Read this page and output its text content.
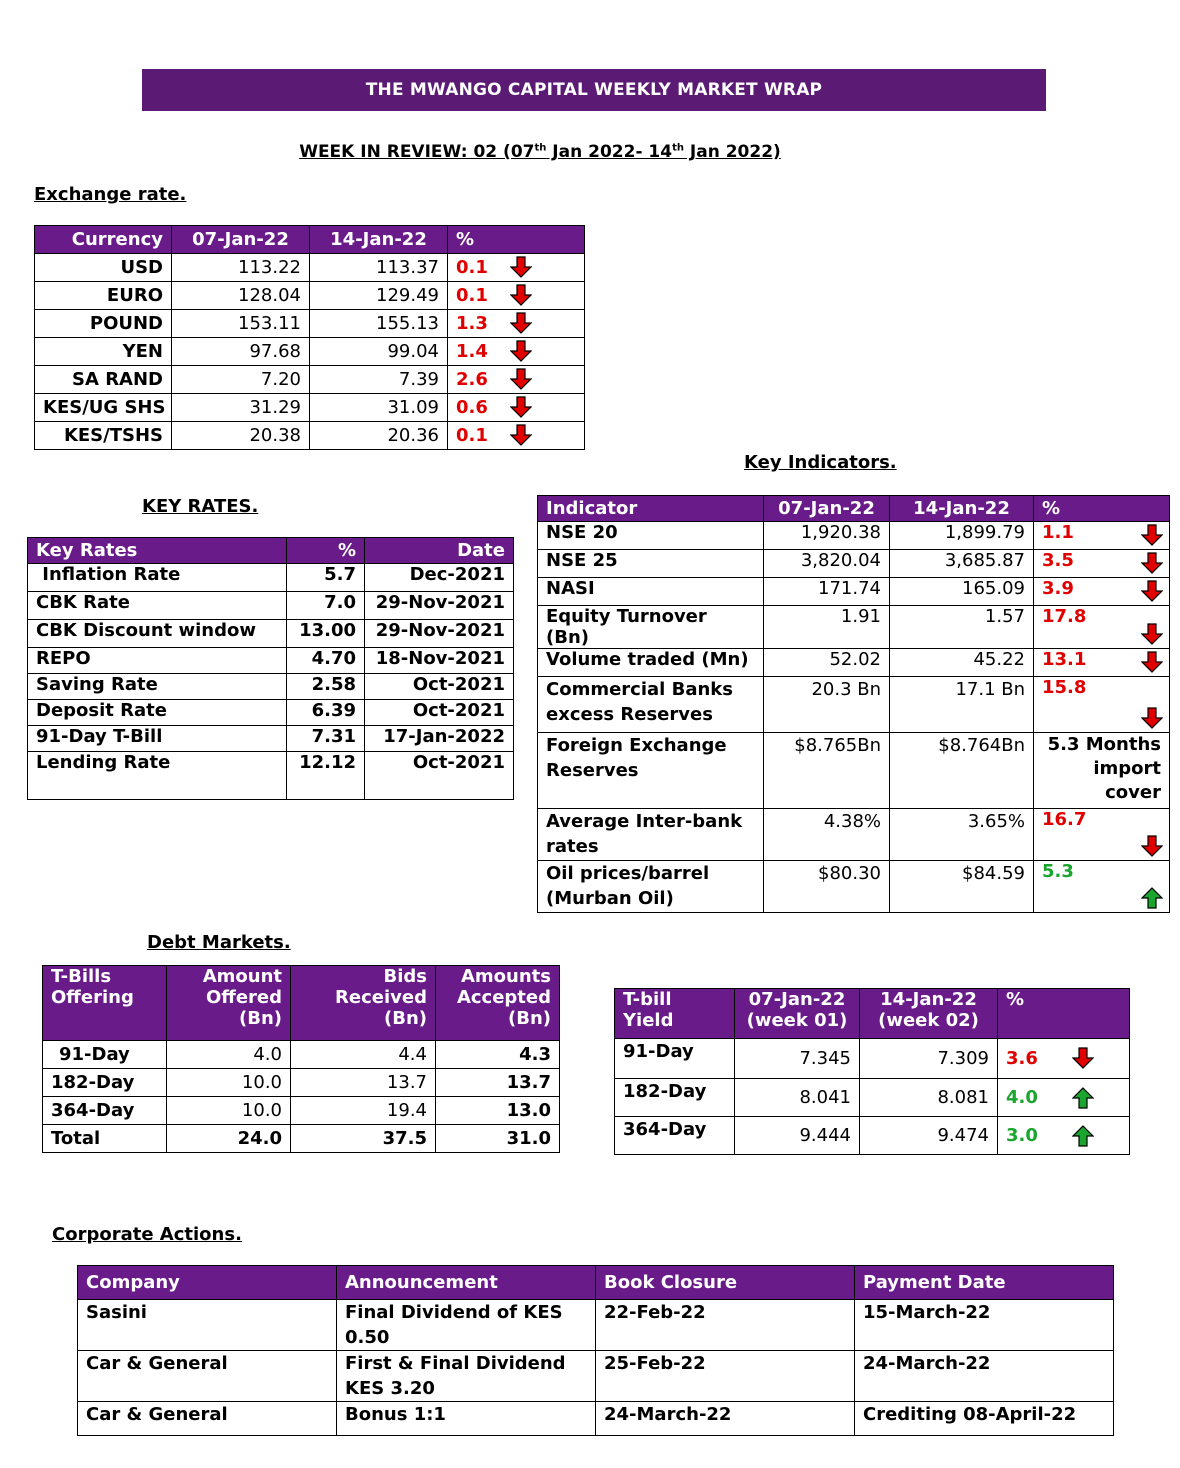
THE MWANGO CAPITAL WEEKLY MARKET WRAP
WEEK IN REVIEW: 02 (07th Jan 2022- 14th Jan 2022)
Exchange rate.
Currency	07-Jan-22	14-Jan-22	%
USD	113.22	113.37	0.1

EURO	128.04	129.49	0.1

POUND	153.11	155.13	1.3

YEN	97.68	99.04	1.4

SA RAND	7.20	7.39	2.6

KES/UG SHS	31.29	31.09	0.6

KES/TSHS	20.38	20.36	0.1
Key Indicators.
KEY RATES.
Key Rates	%	Date
Inflation Rate	5.7	Dec-2021
CBK Rate	7.0	29-Nov-2021
CBK Discount window	13.00	29-Nov-2021
REPO	4.70	18-Nov-2021
Saving Rate	2.58	Oct-2021
Deposit Rate	6.39	Oct-2021
91-Day T-Bill	7.31	17-Jan-2022
Lending Rate	12.12	Oct-2021
Indicator	07-Jan-22	14-Jan-22	%
NSE 20	1,920.38	1,899.79	1.1

NSE 25	3,820.04	3,685.87	3.5

NASI	171.74	165.09	3.9

Equity Turnover (Bn)	1.91	1.57	17.8

Volume traded (Mn)	52.02	45.22	13.1

Commercial Banks excess Reserves	20.3 Bn	17.1 Bn	15.8

Foreign Exchange Reserves	$8.765Bn	$8.764Bn	5.3 Months import cover

Average Inter-bank rates	4.38%	3.65%	16.7

Oil prices/barrel (Murban Oil)	$80.30	$84.59	5.3
Debt Markets.
T-Bills Offering	Amount Offered (Bn)	Bids Received (Bn)	Amounts Accepted (Bn)
91-Day	4.0	4.4	4.3
182-Day	10.0	13.7	13.7
364-Day	10.0	19.4	13.0
Total	24.0	37.5	31.0
T-bill Yield	07-Jan-22 (week 01)	14-Jan-22 (week 02)	%
91-Day	7.345	7.309	3.6

182-Day	8.041	8.081	4.0

364-Day	9.444	9.474	3.0
Corporate Actions.
Company	Announcement	Book Closure	Payment Date
Sasini	Final Dividend of KES 0.50	22-Feb-22	15-March-22
Car & General	First & Final Dividend KES 3.20	25-Feb-22	24-March-22
Car & General	Bonus 1:1	24-March-22	Crediting 08-April-22
